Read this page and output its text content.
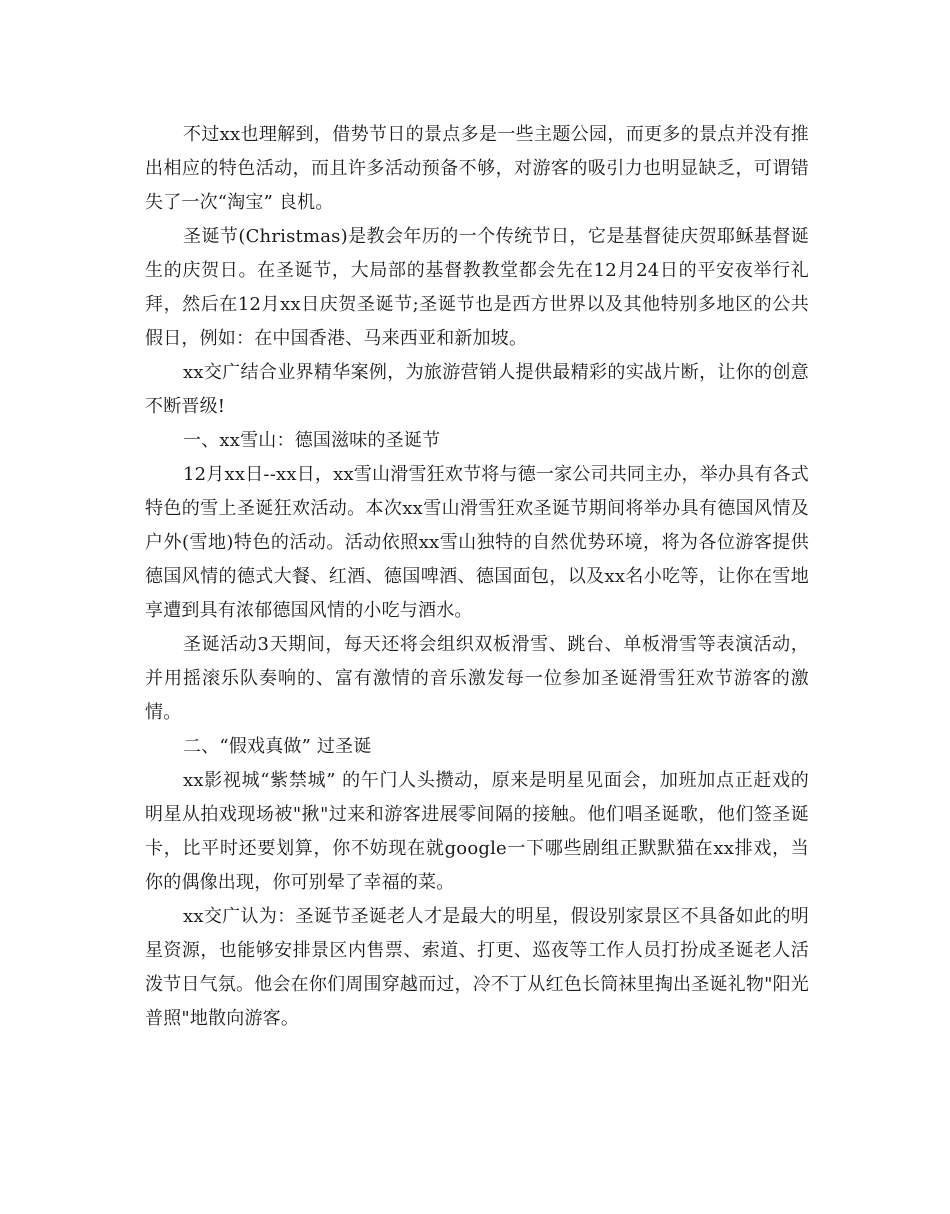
不过xx也理解到，借势节日的景点多是一些主题公园，而更多的景点并没有推出相应的特色活动，而且许多活动预备不够，对游客的吸引力也明显缺乏，可谓错失了一次“淘宝” 良机。

圣诞节(Christmas)是教会年历的一个传统节日，它是基督徒庆贺耶稣基督诞生的庆贺日。在圣诞节，大局部的基督教教堂都会先在12月24日的平安夜举行礼拜，然后在12月xx日庆贺圣诞节;圣诞节也是西方世界以及其他特别多地区的公共假日，例如：在中国香港、马来西亚和新加坡。

xx交广结合业界精华案例，为旅游营销人提供最精彩的实战片断，让你的创意不断晋级!

一、xx雪山：德国滋味的圣诞节

12月xx日--xx日，xx雪山滑雪狂欢节将与德一家公司共同主办，举办具有各式特色的雪上圣诞狂欢活动。本次xx雪山滑雪狂欢圣诞节期间将举办具有德国风情及户外(雪地)特色的活动。活动依照xx雪山独特的自然优势环境，将为各位游客提供德国风情的德式大餐、红酒、德国啤酒、德国面包，以及xx名小吃等，让你在雪地享遭到具有浓郁德国风情的小吃与酒水。

圣诞活动3天期间，每天还将会组织双板滑雪、跳台、单板滑雪等表演活动，并用摇滚乐队奏响的、富有激情的音乐激发每一位参加圣诞滑雪狂欢节游客的激情。

二、“假戏真做” 过圣诞

xx影视城“紫禁城” 的午门人头攒动，原来是明星见面会，加班加点正赶戏的明星从拍戏现场被"揪"过来和游客进展零间隔的接触。他们唱圣诞歌，他们签圣诞卡，比平时还要划算，你不妨现在就google一下哪些剧组正默默猫在xx排戏，当你的偶像出现，你可别晕了幸福的菜。

xx交广认为：圣诞节圣诞老人才是最大的明星，假设别家景区不具备如此的明星资源，也能够安排景区内售票、索道、打更、巡夜等工作人员打扮成圣诞老人活泼节日气氛。他会在你们周围穿越而过，冷不丁从红色长筒袜里掏出圣诞礼物"阳光普照"地散向游客。
